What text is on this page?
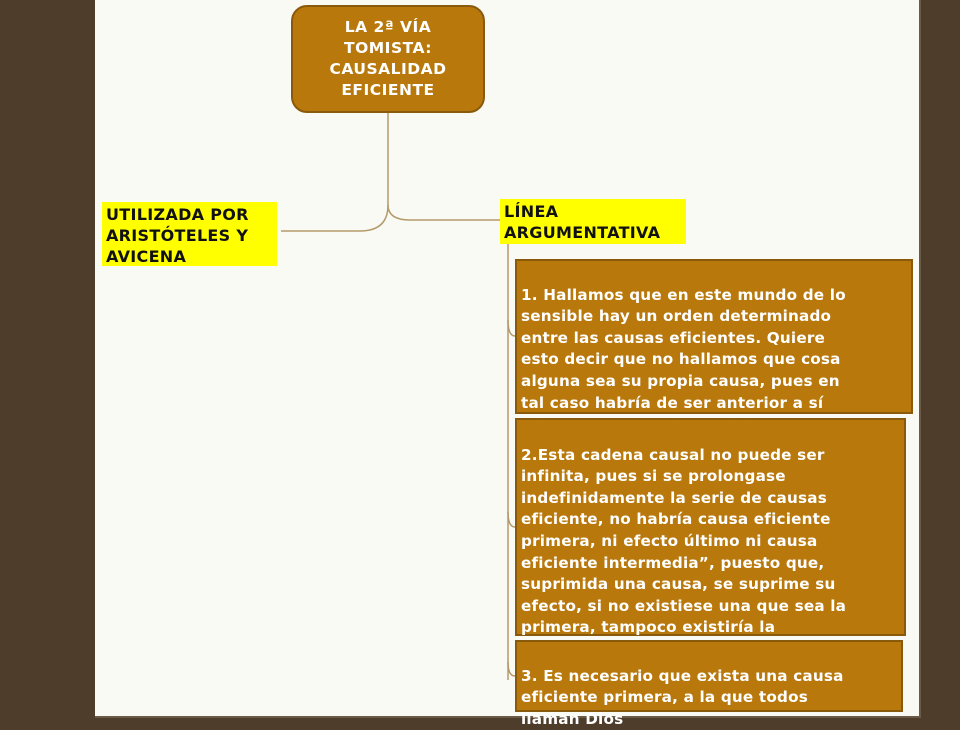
LA 2ª VÍA
TOMISTA:
CAUSALIDAD
EFICIENTE
UTILIZADA POR
ARISTÓTELES Y
AVICENA
LÍNEA
ARGUMENTATIVA

1. Hallamos que en este mundo de lo
sensible hay un orden determinado
entre las causas eficientes. Quiere
esto decir que no hallamos que cosa
alguna sea su propia causa, pues en
tal caso habría de ser anterior a sí

2.Esta cadena causal no puede ser
infinita, pues si se prolongase
indefinidamente la serie de causas
eficiente, no habría causa eficiente
primera, ni efecto último ni causa
eficiente intermedia”, puesto que,
suprimida una causa, se suprime su
efecto, si no existiese una que sea la
primera, tampoco existiría la

3. Es necesario que exista una causa
eficiente primera, a la que todos
llaman Dios
